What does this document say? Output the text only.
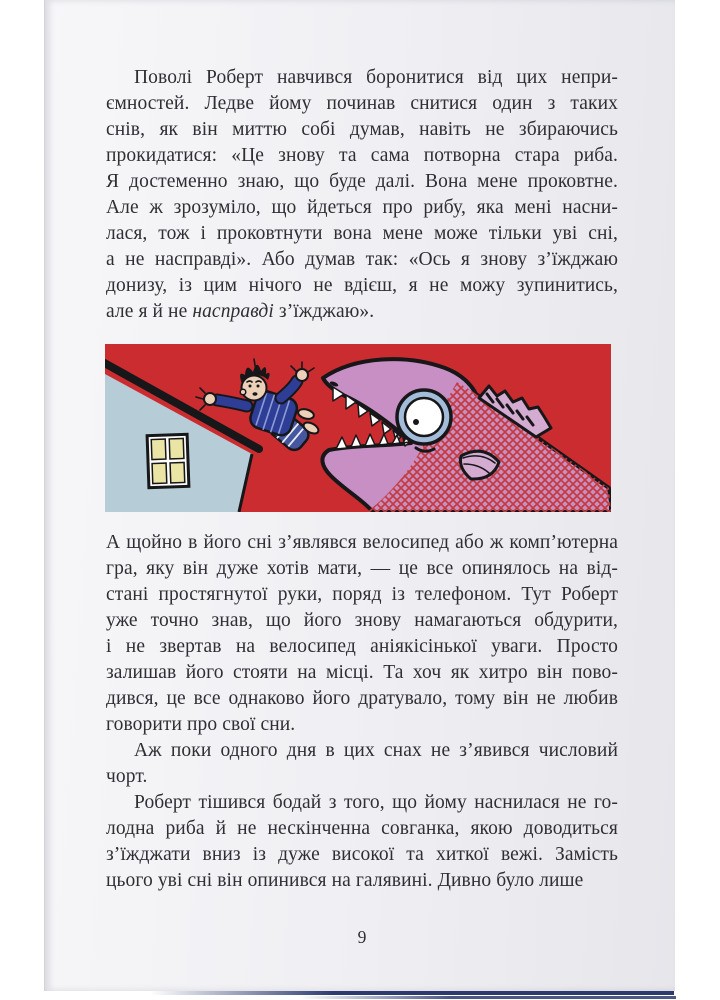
Поволі Роберт навчився боронитися від цих непри-
ємностей. Ледве йому починав снитися один з таких
снів, як він миттю собі думав, навіть не збираючись
прокидатися: «Це знову та сама потворна стара риба.
Я достеменно знаю, що буде далі. Вона мене проковтне.
Але ж зрозуміло, що йдеться про рибу, яка мені насни-
лася, тож і проковтнути вона мене може тільки уві сні,
а не насправді». Або думав так: «Ось я знову з’їжджаю
донизу, із цим нічого не вдієш, я не можу зупинитись,
але я й не насправді з’їжджаю».
А щойно в його сні з’являвся велосипед або ж комп’ютерна
гра, яку він дуже хотів мати, — це все опинялось на від-
стані простягнутої руки, поряд із телефоном. Тут Роберт
уже точно знав, що його знову намагаються обдурити,
і не звертав на велосипед аніякісінької уваги. Просто
залишав його стояти на місці. Та хоч як хитро він пово-
дився, це все однаково його дратувало, тому він не любив
говорити про свої сни.
Аж поки одного дня в цих снах не з’явився числовий чорт.
Роберт тішився бодай з того, що йому наснилася не го-
лодна риба й не нескінченна совганка, якою доводиться
з’їжджати вниз із дуже високої та хиткої вежі. Замість
цього уві сні він опинився на галявині. Дивно було лише
9
